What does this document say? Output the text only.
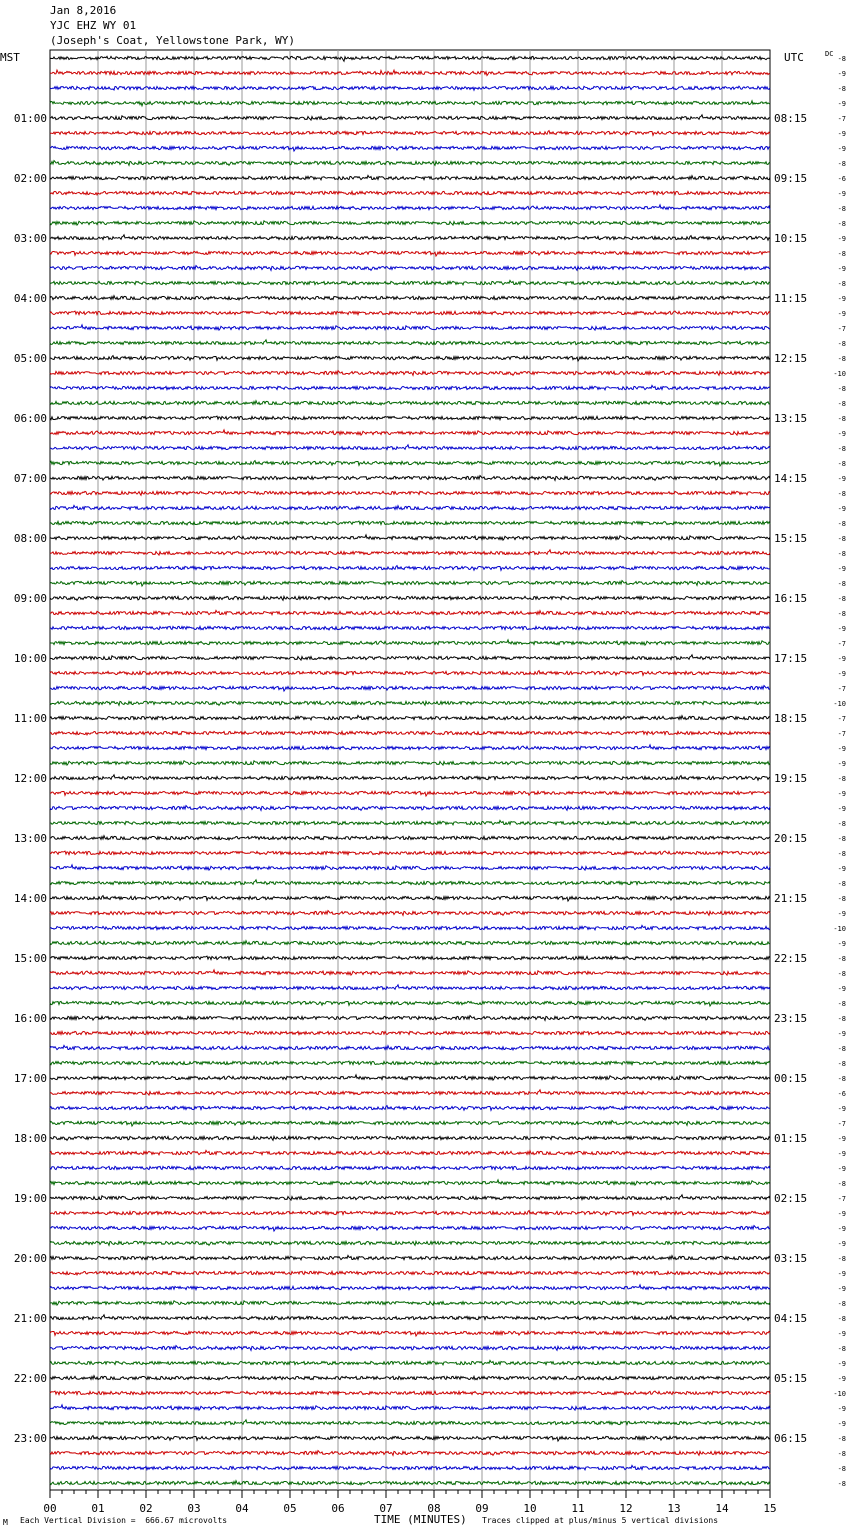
Jan 8,2016
YJC EHZ WY 01
(Joseph's Coat, Yellowstone Park, WY)
-8
-9
-8
-9
-7
-9
-9
-8
-6
-9
-8
-8
-9
-8
-9
-8
-9
-9
-7
-8
-8
-10
-8
-8
-8
-9
-8
-8
-9
-8
-9
-8
-8
-8
-9
-8
-8
-8
-9
-7
-9
-9
-7
-10
-7
-7
-9
-9
-8
-9
-9
-8
-8
-8
-9
-8
-8
-9
-10
-9
-8
-8
-9
-8
-8
-9
-8
-8
-8
-6
-9
-7
-9
-9
-9
-8
-7
-9
-9
-9
-8
-9
-9
-8
-8
-9
-8
-9
-9
-10
-9
-9
-8
-8
-8
-8
MST	UTC	DC
01:00
02:00
03:00
04:00
05:00
06:00
07:00
08:00
09:00
10:00
11:00
12:00
13:00
14:00
15:00
16:00
17:00
18:00
19:00
20:00
21:00
22:00
23:00
08:15
09:15
10:15
11:15
12:15
13:15
14:15
15:15
16:15
17:15
18:15
19:15
20:15
21:15
22:15
23:15
00:15
01:15
02:15
03:15
04:15
05:15
06:15
00	01	02	03	04	05	06	07	08	09	10	11	12	13	14	15
M Each Vertical Division =  666.67 microvolts	TIME (MINUTES) Traces clipped at plus/minus 5 vertical divisions
